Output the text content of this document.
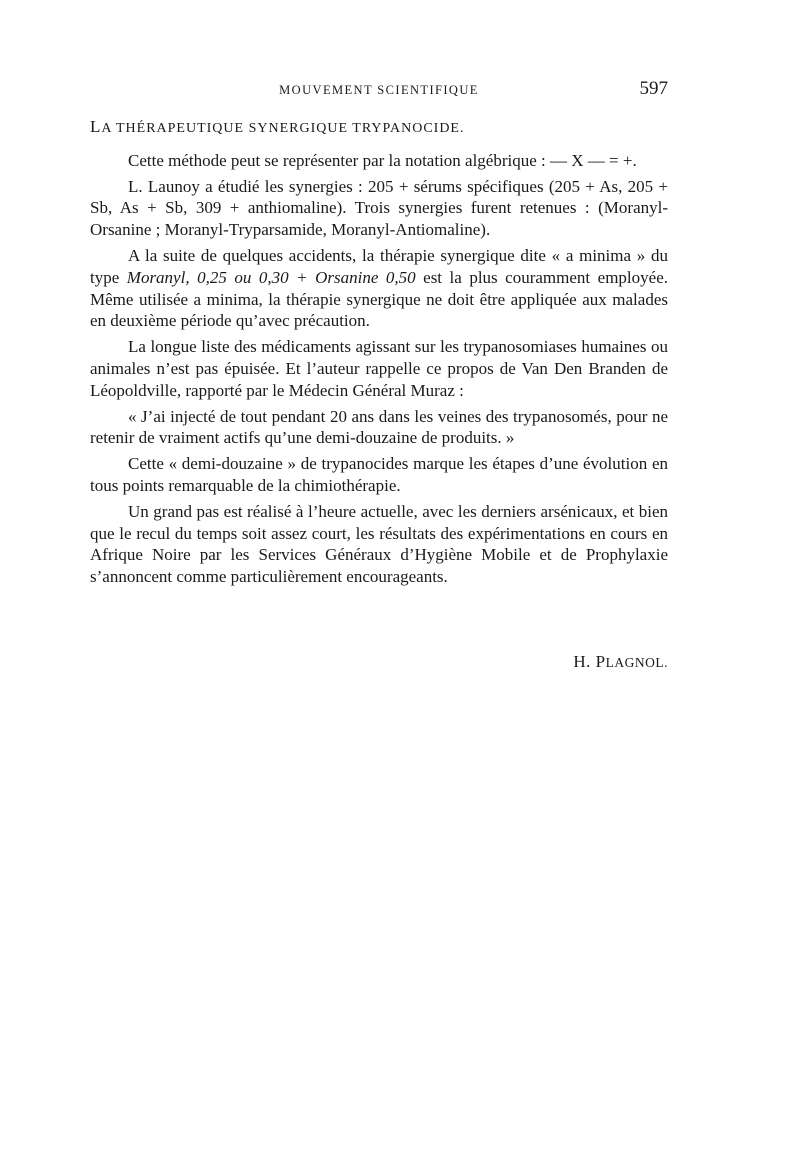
MOUVEMENT SCIENTIFIQUE	597
LA THÉRAPEUTIQUE SYNERGIQUE TRYPANOCIDE.

Cette méthode peut se représenter par la notation algébrique : — X — = +.

L. Launoy a étudié les synergies : 205 + sérums spécifiques (205 + As, 205 + Sb, As + Sb, 309 + anthiomaline). Trois synergies furent retenues : (Moranyl-Orsanine ; Moranyl-Tryparsamide, Moranyl-Antiomaline).

A la suite de quelques accidents, la thérapie synergique dite « a minima » du type Moranyl, 0,25 ou 0,30 + Orsanine 0,50 est la plus couramment employée. Même utilisée a minima, la thérapie synergique ne doit être appliquée aux malades en deuxième période qu’avec précaution.

La longue liste des médicaments agissant sur les trypanosomiases humaines ou animales n’est pas épuisée. Et l’auteur rappelle ce propos de Van Den Branden de Léopoldville, rapporté par le Médecin Général Muraz :

« J’ai injecté de tout pendant 20 ans dans les veines des trypanosomés, pour ne retenir de vraiment actifs qu’une demi-douzaine de produits. »

Cette « demi-douzaine » de trypanocides marque les étapes d’une évolution en tous points remarquable de la chimiothérapie.

Un grand pas est réalisé à l’heure actuelle, avec les derniers arsénicaux, et bien que le recul du temps soit assez court, les résultats des expérimentations en cours en Afrique Noire par les Services Généraux d’Hygiène Mobile et de Prophylaxie s’annoncent comme particulièrement encourageants.

H. PLAGNOL.
